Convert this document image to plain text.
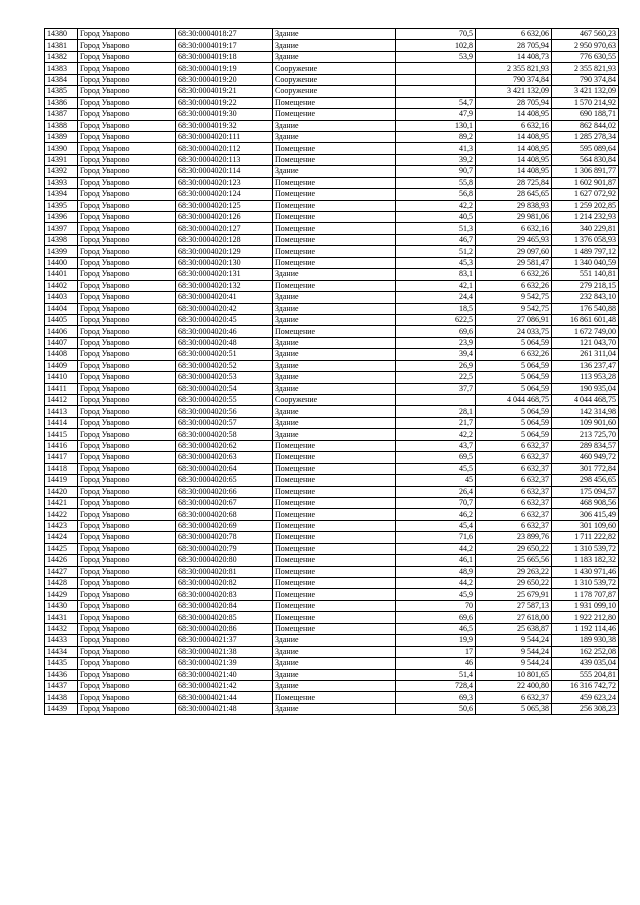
14380	Город Уварово	68:30:0004018:27	Здание	70,5	6 632,06	467 560,23
14381	Город Уварово	68:30:0004019:17	Здание	102,8	28 705,94	2 950 970,63
14382	Город Уварово	68:30:0004019:18	Здание	53,9	14 408,73	776 630,55
14383	Город Уварово	68:30:0004019:19	Сооружение		2 355 821,93	2 355 821,93
14384	Город Уварово	68:30:0004019:20	Сооружение		790 374,84	790 374,84
14385	Город Уварово	68:30:0004019:21	Сооружение		3 421 132,09	3 421 132,09
14386	Город Уварово	68:30:0004019:22	Помещение	54,7	28 705,94	1 570 214,92
14387	Город Уварово	68:30:0004019:30	Помещение	47,9	14 408,95	690 188,71
14388	Город Уварово	68:30:0004019:32	Здание	130,1	6 632,16	862 844,02
14389	Город Уварово	68:30:0004020:111	Здание	89,2	14 408,95	1 285 278,34
14390	Город Уварово	68:30:0004020:112	Помещение	41,3	14 408,95	595 089,64
14391	Город Уварово	68:30:0004020:113	Помещение	39,2	14 408,95	564 830,84
14392	Город Уварово	68:30:0004020:114	Здание	90,7	14 408,95	1 306 891,77
14393	Город Уварово	68:30:0004020:123	Помещение	55,8	28 725,84	1 602 901,87
14394	Город Уварово	68:30:0004020:124	Помещение	56,8	28 645,65	1 627 072,92
14395	Город Уварово	68:30:0004020:125	Помещение	42,2	29 838,93	1 259 202,85
14396	Город Уварово	68:30:0004020:126	Помещение	40,5	29 981,06	1 214 232,93
14397	Город Уварово	68:30:0004020:127	Помещение	51,3	6 632,16	340 229,81
14398	Город Уварово	68:30:0004020:128	Помещение	46,7	29 465,93	1 376 058,93
14399	Город Уварово	68:30:0004020:129	Помещение	51,2	29 097,60	1 489 797,12
14400	Город Уварово	68:30:0004020:130	Помещение	45,3	29 581,47	1 340 040,59
14401	Город Уварово	68:30:0004020:131	Здание	83,1	6 632,26	551 140,81
14402	Город Уварово	68:30:0004020:132	Помещение	42,1	6 632,26	279 218,15
14403	Город Уварово	68:30:0004020:41	Здание	24,4	9 542,75	232 843,10
14404	Город Уварово	68:30:0004020:42	Здание	18,5	9 542,75	176 540,88
14405	Город Уварово	68:30:0004020:45	Здание	622,5	27 086,91	16 861 601,48
14406	Город Уварово	68:30:0004020:46	Помещение	69,6	24 033,75	1 672 749,00
14407	Город Уварово	68:30:0004020:48	Здание	23,9	5 064,59	121 043,70
14408	Город Уварово	68:30:0004020:51	Здание	39,4	6 632,26	261 311,04
14409	Город Уварово	68:30:0004020:52	Здание	26,9	5 064,59	136 237,47
14410	Город Уварово	68:30:0004020:53	Здание	22,5	5 064,59	113 953,28
14411	Город Уварово	68:30:0004020:54	Здание	37,7	5 064,59	190 935,04
14412	Город Уварово	68:30:0004020:55	Сооружение		4 044 468,75	4 044 468,75
14413	Город Уварово	68:30:0004020:56	Здание	28,1	5 064,59	142 314,98
14414	Город Уварово	68:30:0004020:57	Здание	21,7	5 064,59	109 901,60
14415	Город Уварово	68:30:0004020:58	Здание	42,2	5 064,59	213 725,70
14416	Город Уварово	68:30:0004020:62	Помещение	43,7	6 632,37	289 834,57
14417	Город Уварово	68:30:0004020:63	Помещение	69,5	6 632,37	460 949,72
14418	Город Уварово	68:30:0004020:64	Помещение	45,5	6 632,37	301 772,84
14419	Город Уварово	68:30:0004020:65	Помещение	45	6 632,37	298 456,65
14420	Город Уварово	68:30:0004020:66	Помещение	26,4	6 632,37	175 094,57
14421	Город Уварово	68:30:0004020:67	Помещение	70,7	6 632,37	468 908,56
14422	Город Уварово	68:30:0004020:68	Помещение	46,2	6 632,37	306 415,49
14423	Город Уварово	68:30:0004020:69	Помещение	45,4	6 632,37	301 109,60
14424	Город Уварово	68:30:0004020:78	Помещение	71,6	23 899,76	1 711 222,82
14425	Город Уварово	68:30:0004020:79	Помещение	44,2	29 650,22	1 310 539,72
14426	Город Уварово	68:30:0004020:80	Помещение	46,1	25 665,56	1 183 182,32
14427	Город Уварово	68:30:0004020:81	Помещение	48,9	29 263,22	1 430 971,46
14428	Город Уварово	68:30:0004020:82	Помещение	44,2	29 650,22	1 310 539,72
14429	Город Уварово	68:30:0004020:83	Помещение	45,9	25 679,91	1 178 707,87
14430	Город Уварово	68:30:0004020:84	Помещение	70	27 587,13	1 931 099,10
14431	Город Уварово	68:30:0004020:85	Помещение	69,6	27 618,00	1 922 212,80
14432	Город Уварово	68:30:0004020:86	Помещение	46,5	25 638,87	1 192 114,46
14433	Город Уварово	68:30:0004021:37	Здание	19,9	9 544,24	189 930,38
14434	Город Уварово	68:30:0004021:38	Здание	17	9 544,24	162 252,08
14435	Город Уварово	68:30:0004021:39	Здание	46	9 544,24	439 035,04
14436	Город Уварово	68:30:0004021:40	Здание	51,4	10 801,65	555 204,81
14437	Город Уварово	68:30:0004021:42	Здание	728,4	22 400,80	16 316 742,72
14438	Город Уварово	68:30:0004021:44	Помещение	69,3	6 632,37	459 623,24
14439	Город Уварово	68:30:0004021:48	Здание	50,6	5 065,38	256 308,23
